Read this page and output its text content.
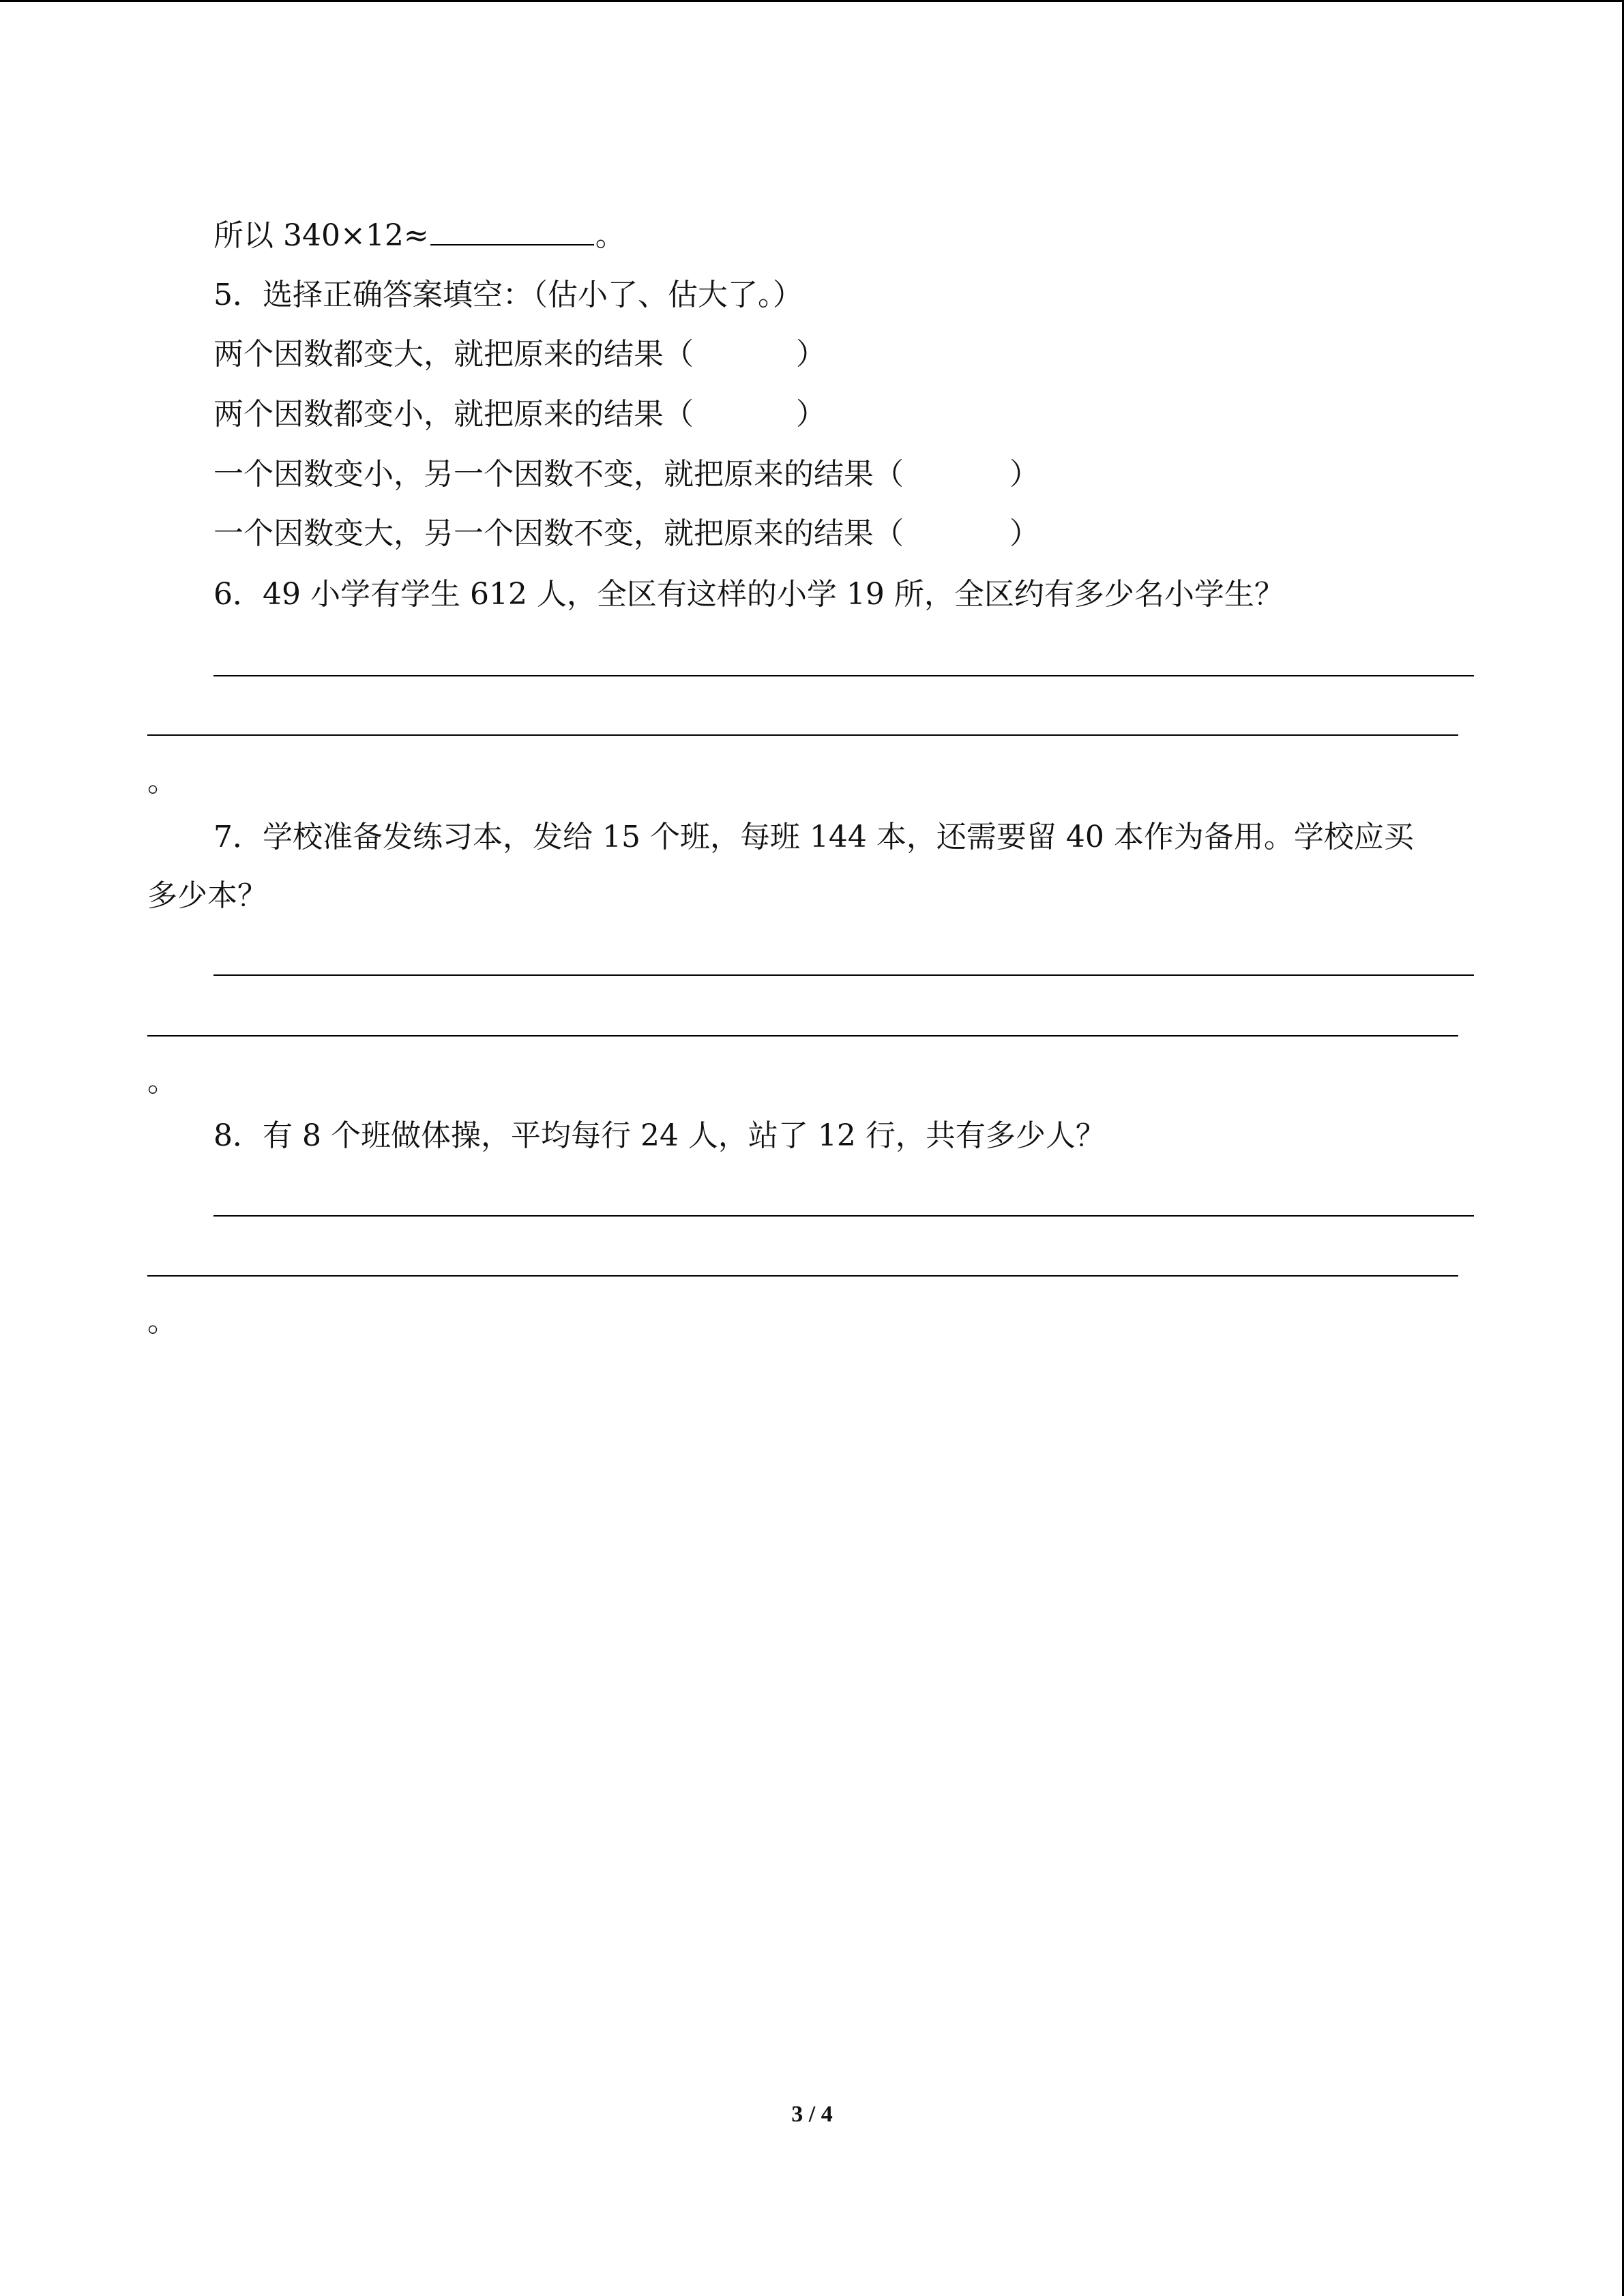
所以 340×12≈	。
5．选择正确答案填空：（估小了、估大了。）
两个因数都变大，就把原来的结果（	）
两个因数都变小，就把原来的结果（	）
一个因数变小，另一个因数不变，就把原来的结果（	）
一个因数变大，另一个因数不变，就把原来的结果（	）
6．49 小学有学生 612 人，全区有这样的小学 19 所，全区约有多少名小学生？
。
7．学校准备发练习本，发给 15 个班，每班 144 本，还需要留 40 本作为备用。学校应买
多少本？
。
8．有 8 个班做体操，平均每行 24 人，站了 12 行，共有多少人？
。
3 / 4
